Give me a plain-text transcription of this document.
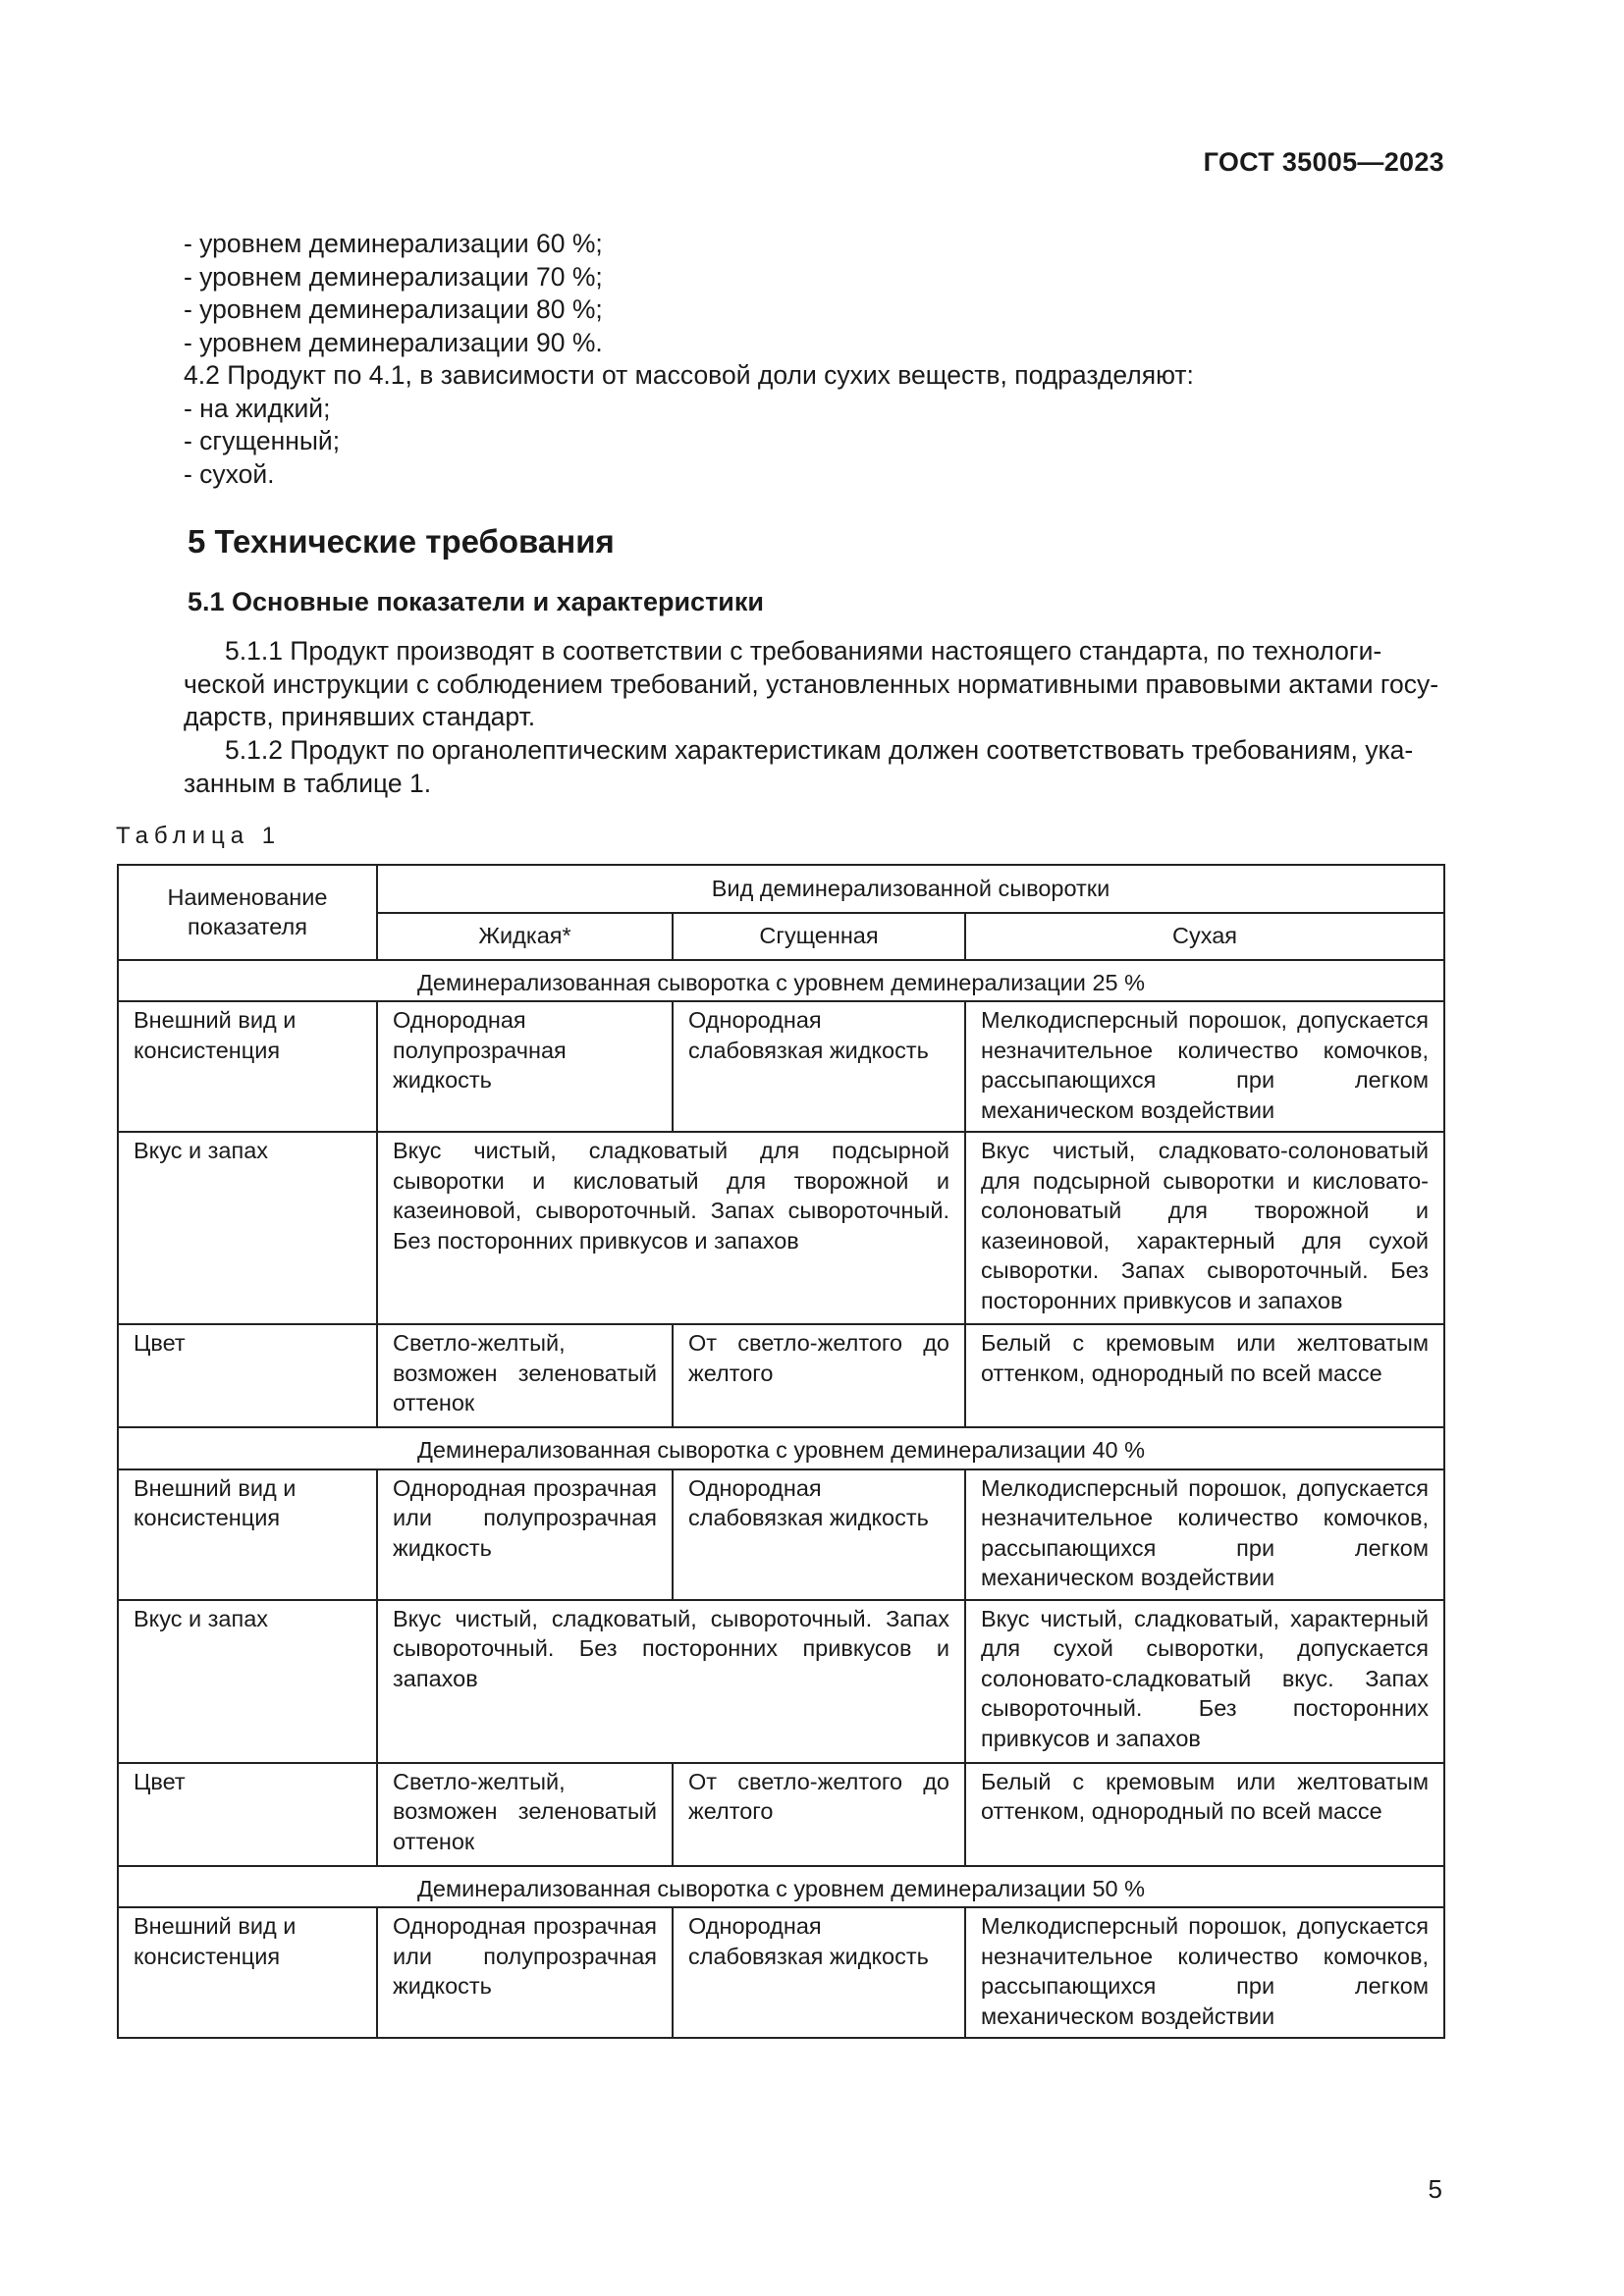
ГОСТ 35005—2023
- уровнем деминерализации 60 %;
- уровнем деминерализации 70 %;
- уровнем деминерализации 80 %;
- уровнем деминерализации 90 %.
4.2 Продукт по 4.1, в зависимости от массовой доли сухих веществ, подразделяют:
- на жидкий;
- сгущенный;
- сухой.
5 Технические требования
5.1 Основные показатели и характеристики
5.1.1 Продукт производят в соответствии с требованиями настоящего стандарта, по технологи-
ческой инструкции с соблюдением требований, установленных нормативными правовыми актами госу-
дарств, принявших стандарт.
5.1.2 Продукт по органолептическим характеристикам должен соответствовать требованиям, ука-
занным в таблице 1.
Таблица 1
Наименование показателя	Вид деминерализованной сыворотки		
	Жидкая*	Сгущенная	Сухая
Деминерализованная сыворотка с уровнем деминерализации 25 %			
Внешний вид и консистенция	Однородная полупрозрачная жидкость	Однородная слабовязкая жидкость	Мелкодисперсный порошок, допускается незначительное количество комочков, рассыпающихся при легком механическом воздействии
Вкус и запах	Вкус чистый, сладковатый для подсырной сыворотки и кисловатый для творожной и казеиновой, сывороточный. Запах сывороточный. Без посторонних привкусов и запахов		Вкус чистый, сладковато-солоноватый для подсырной сыворотки и кисловато-солоноватый для творожной и казеиновой, характерный для сухой сыворотки. Запах сывороточный. Без посторонних привкусов и запахов
Цвет	Светло-желтый, возможен зеленоватый оттенок	От светло-желтого до желтого	Белый с кремовым или желтоватым оттенком, однородный по всей массе
Деминерализованная сыворотка с уровнем деминерализации 40 %			
Внешний вид и консистенция	Однородная прозрачная или полупрозрачная жидкость	Однородная слабовязкая жидкость	Мелкодисперсный порошок, допускается незначительное количество комочков, рассыпающихся при легком механическом воздействии
Вкус и запах	Вкус чистый, сладковатый, сывороточный. Запах сывороточный. Без посторонних привкусов и запахов		Вкус чистый, сладковатый, характерный для сухой сыворотки, допускается солоновато-сладковатый вкус. Запах сывороточный. Без посторонних привкусов и запахов
Цвет	Светло-желтый, возможен зеленоватый оттенок	От светло-желтого до желтого	Белый с кремовым или желтоватым оттенком, однородный по всей массе
Деминерализованная сыворотка с уровнем деминерализации 50 %			
Внешний вид и консистенция	Однородная прозрачная или полупрозрачная жидкость	Однородная слабовязкая жидкость	Мелкодисперсный порошок, допускается незначительное количество комочков, рассыпающихся при легком механическом воздействии
5
